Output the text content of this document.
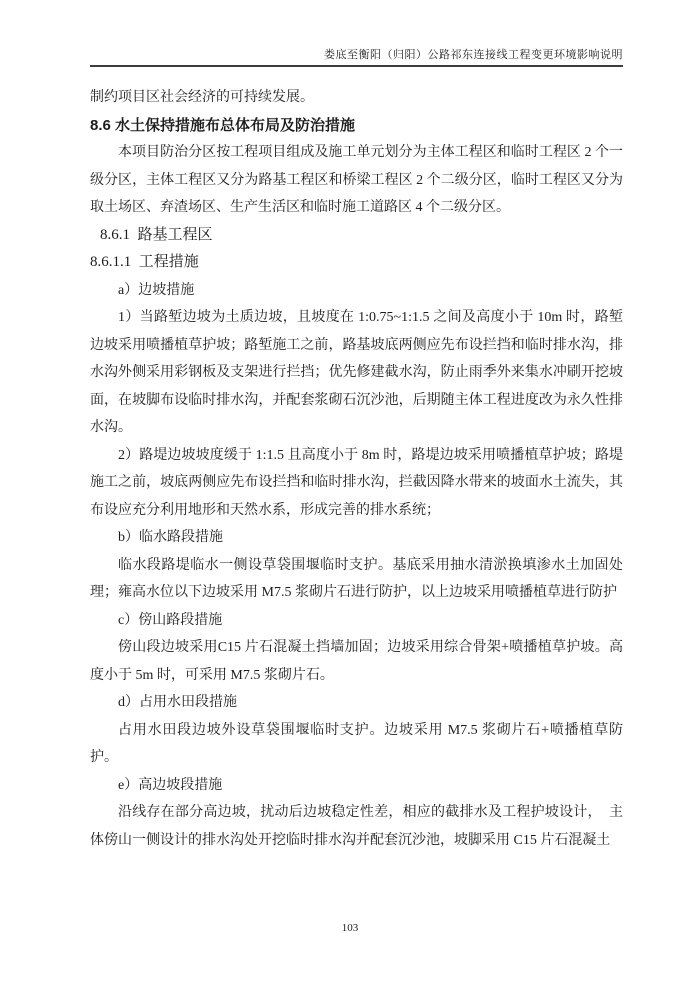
娄底至衡阳（归阳）公路祁东连接线工程变更环境影响说明
制约项目区社会经济的可持续发展。
8.6 水土保持措施布总体布局及防治措施
本项目防治分区按工程项目组成及施工单元划分为主体工程区和临时工程区 2 个一级分区，主体工程区又分为路基工程区和桥梁工程区 2 个二级分区，临时工程区又分为取土场区、弃渣场区、生产生活区和临时施工道路区 4 个二级分区。
8.6.1  路基工程区
8.6.1.1  工程措施
a）边坡措施
1）当路堑边坡为土质边坡，且坡度在 1:0.75~1:1.5 之间及高度小于 10m 时，路堑边坡采用喷播植草护坡；路堑施工之前，路基坡底两侧应先布设拦挡和临时排水沟，排水沟外侧采用彩钢板及支架进行拦挡；优先修建截水沟，防止雨季外来集水冲刷开挖坡面，在坡脚布设临时排水沟，并配套浆砌石沉沙池，后期随主体工程进度改为永久性排水沟。
2）路堤边坡坡度缓于 1:1.5 且高度小于 8m 时，路堤边坡采用喷播植草护坡；路堤施工之前，坡底两侧应先布设拦挡和临时排水沟，拦截因降水带来的坡面水土流失，其布设应充分利用地形和天然水系，形成完善的排水系统；
b）临水路段措施
临水段路堤临水一侧设草袋围堰临时支护。基底采用抽水清淤换填渗水土加固处理；雍高水位以下边坡采用 M7.5 浆砌片石进行防护，以上边坡采用喷播植草进行防护
c）傍山路段措施
傍山段边坡采用C15 片石混凝土挡墙加固；边坡采用综合骨架+喷播植草护坡。高度小于 5m 时，可采用 M7.5 浆砌片石。
d）占用水田段措施
占用水田段边坡外设草袋围堰临时支护。边坡采用 M7.5 浆砌片石+喷播植草防护。
e）高边坡段措施
沿线存在部分高边坡，扰动后边坡稳定性差，相应的截排水及工程护坡设计，　主体傍山一侧设计的排水沟处开挖临时排水沟并配套沉沙池，坡脚采用 C15 片石混凝土
103
